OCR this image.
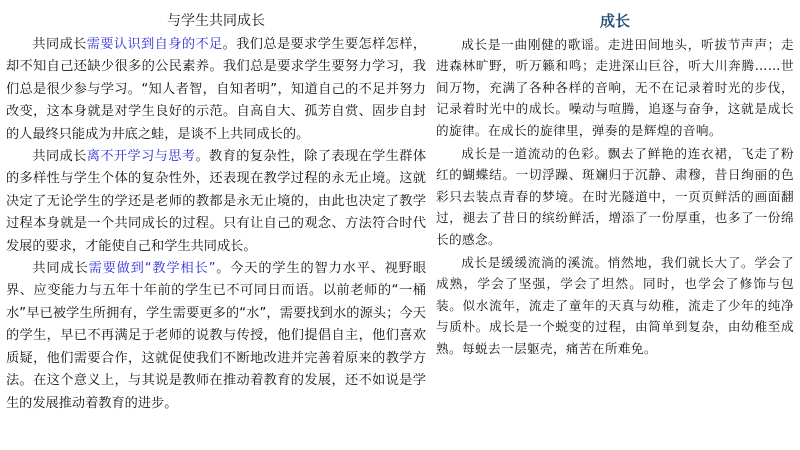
与学生共同成长

共同成长需要认识到自身的不足。我们总是要求学生要怎样怎样，却不知自己还缺少很多的公民素养。我们总是要求学生要努力学习，我们总是很少参与学习。“知人者智，自知者明”，知道自己的不足并努力改变，这本身就是对学生良好的示范。自高自大、孤芳自赏、固步自封的人最终只能成为井底之蛙，是谈不上共同成长的。

共同成长离不开学习与思考。教育的复杂性，除了表现在学生群体的多样性与学生个体的复杂性外，还表现在教学过程的永无止境。这就决定了无论学生的学还是老师的教都是永无止境的，由此也决定了教学过程本身就是一个共同成长的过程。只有让自己的观念、方法符合时代发展的要求，才能使自己和学生共同成长。

共同成长需要做到“教学相长”。今天的学生的智力水平、视野眼界、应变能力与五年十年前的学生已不可同日而语。以前老师的“一桶水”早已被学生所拥有，学生需要更多的“水”，需要找到水的源头；今天的学生，早已不再满足于老师的说教与传授，他们提倡自主，他们喜欢质疑，他们需要合作，这就促使我们不断地改进并完善着原来的教学方法。在这个意义上，与其说是教师在推动着教育的发展，还不如说是学生的发展推动着教育的进步。

成长

成长是一曲刚健的歌谣。走进田间地头，听拔节声声；走进森林旷野，听万籁和鸣；走进深山巨谷，听大川奔腾……世间万物，充满了各种各样的音响，无不在记录着时光的步伐，记录着时光中的成长。噪动与喧腾，追逐与奋争，这就是成长的旋律。在成长的旋律里，弹奏的是辉煌的音响。

成长是一道流动的色彩。飘去了鲜艳的连衣裙，飞走了粉红的蝴蝶结。一切浮躁、斑斓归于沉静、肃穆，昔日绚丽的色彩只去装点青春的梦境。在时光隧道中，一页页鲜活的画面翻过，褪去了昔日的缤纷鲜活，增添了一份厚重，也多了一份绵长的感念。

成长是缓缓流淌的溪流。悄然地，我们就长大了。学会了成熟，学会了坚强，学会了坦然。同时，也学会了修饰与包装。似水流年，流走了童年的天真与幼稚，流走了少年的纯净与质朴。成长是一个蜕变的过程，由简单到复杂，由幼稚至成熟。每蜕去一层躯壳，痛苦在所难免。
